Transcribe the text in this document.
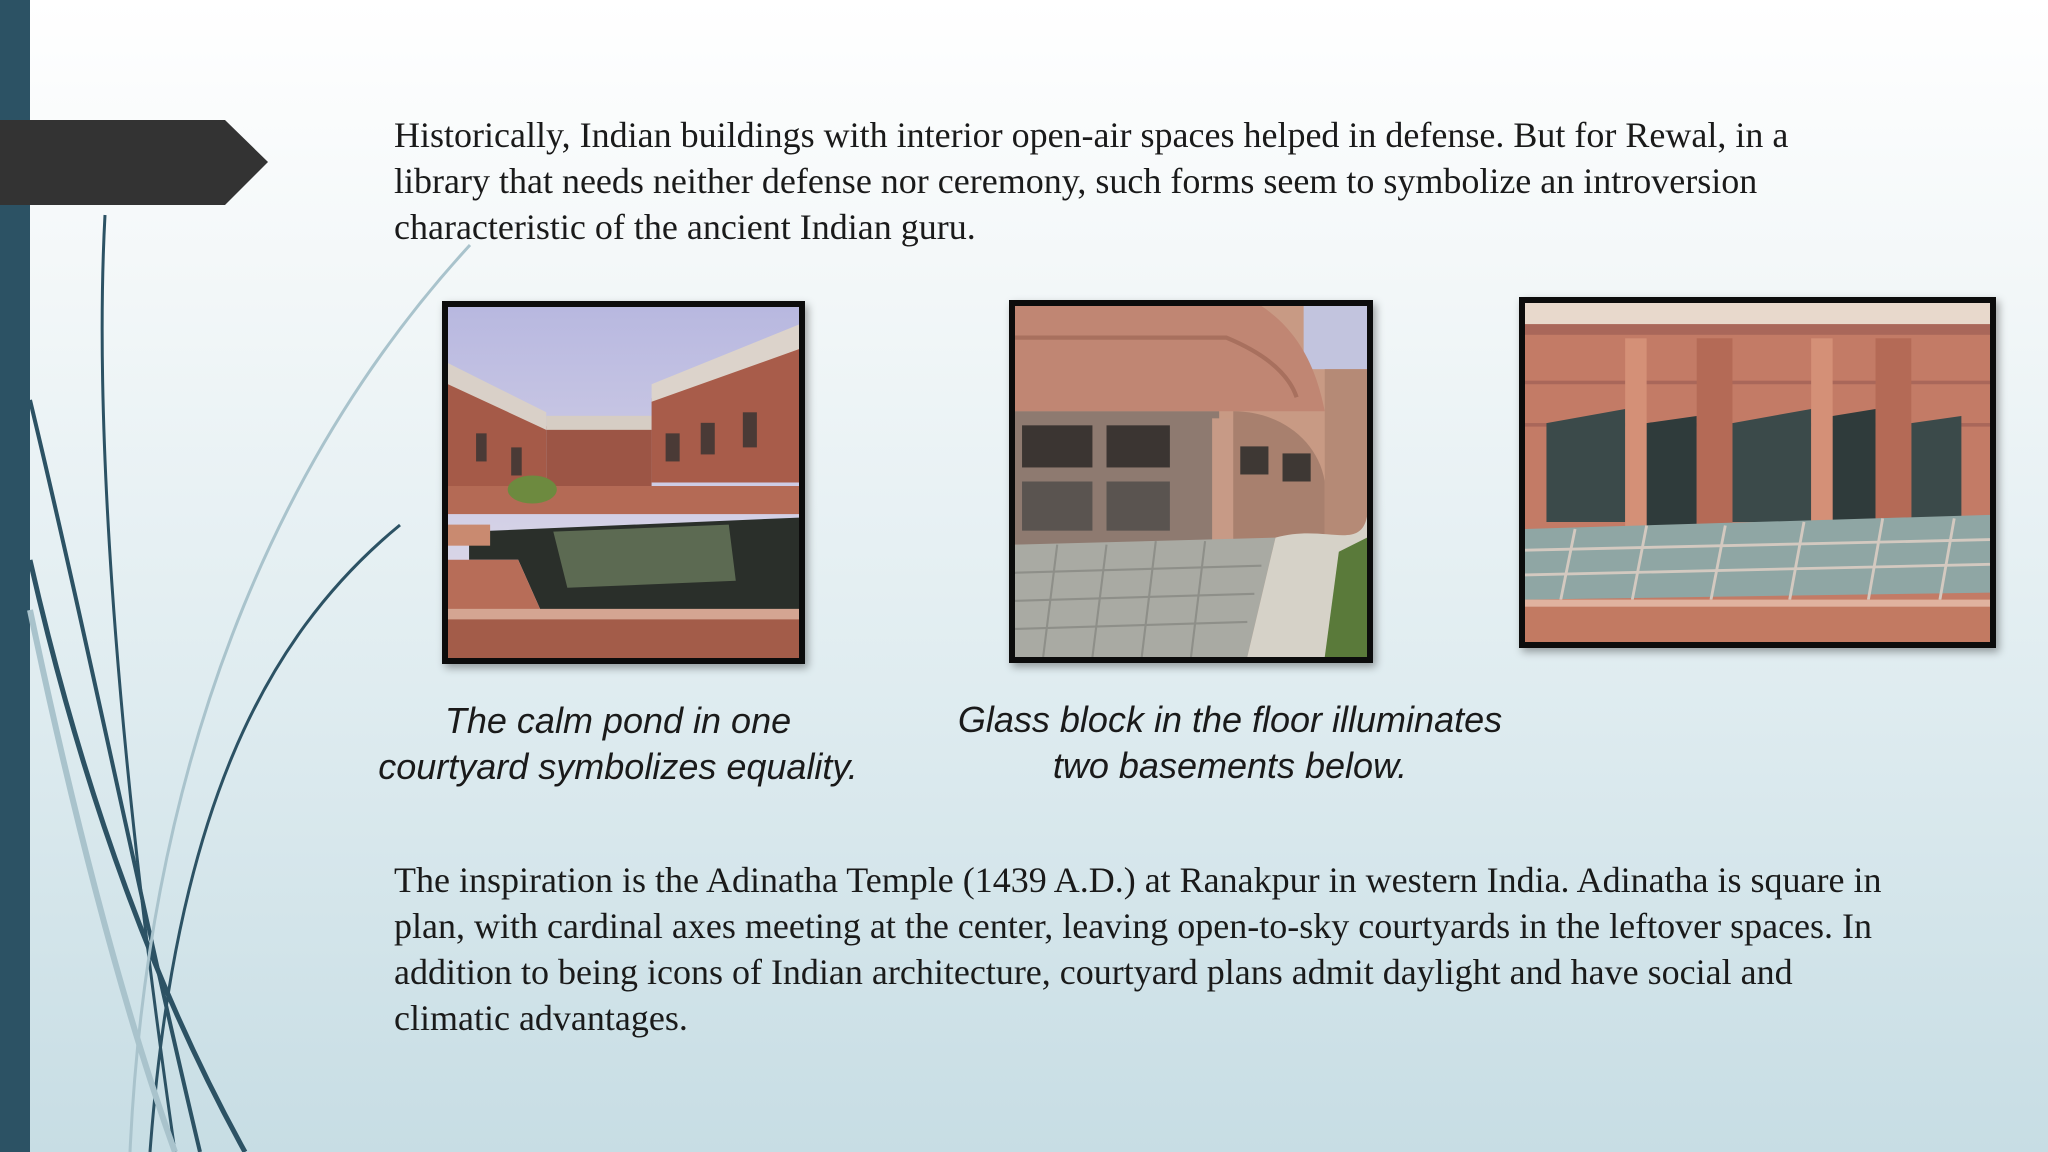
Historically, Indian buildings with interior open-air spaces helped in defense. But for Rewal, in a library that needs neither defense nor ceremony, such forms seem to symbolize an introversion characteristic of the ancient Indian guru.

The calm pond in one
courtyard symbolizes equality.

Glass block in the floor illuminates
two basements below.

The inspiration is the Adinatha Temple (1439 A.D.) at Ranakpur in western India. Adinatha is square in plan, with cardinal axes meeting at the center, leaving open-to-sky courtyards in the leftover spaces. In addition to being icons of Indian architecture, courtyard plans admit daylight and have social and climatic advantages.
